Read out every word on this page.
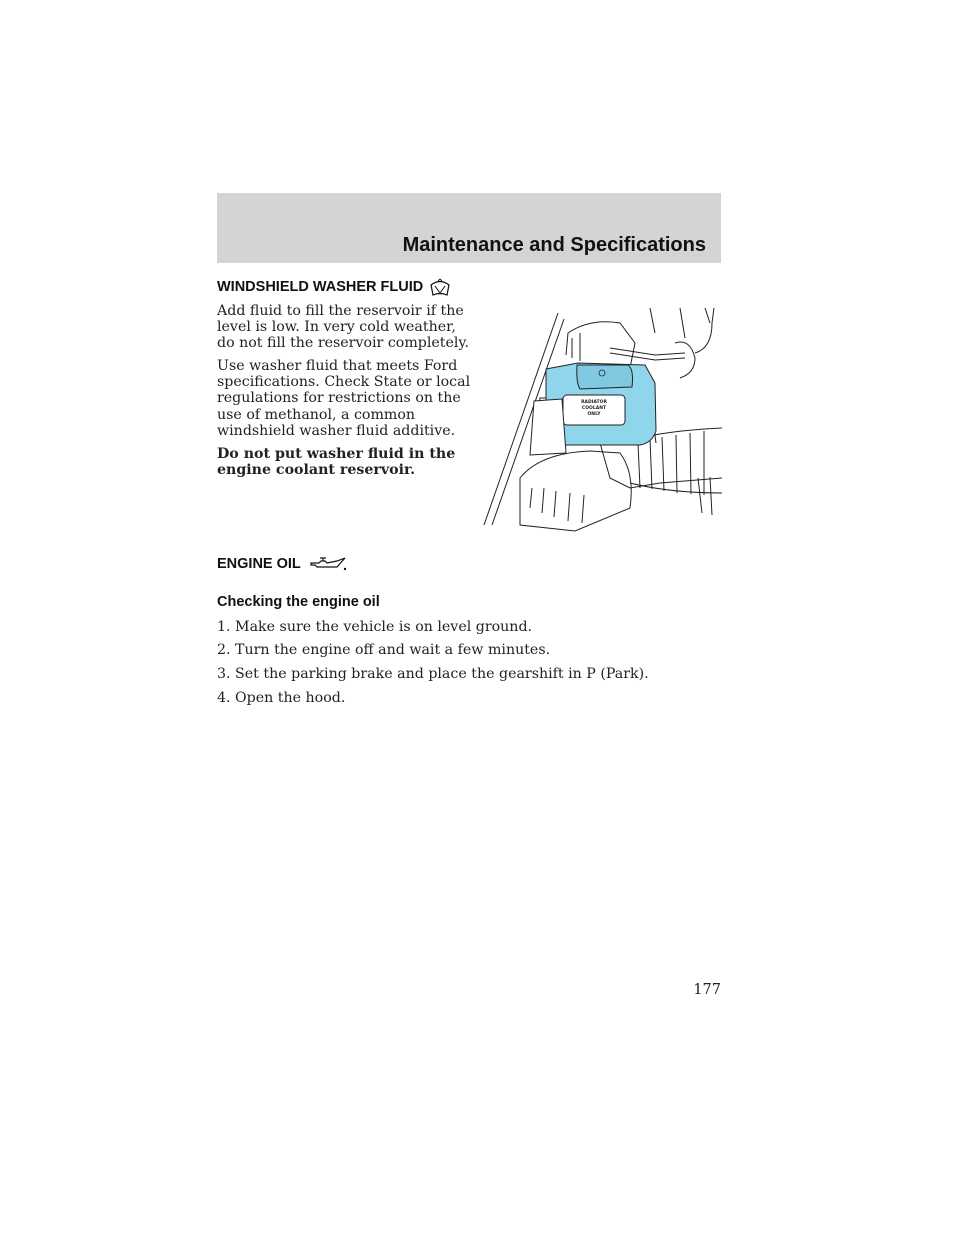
Maintenance and Specifications
WINDSHIELD WASHER FLUID

Add fluid to fill the reservoir if the level is low. In very cold weather, do not fill the reservoir completely.

Use washer fluid that meets Ford specifications. Check State or local regulations for restrictions on the use of methanol, a common windshield washer fluid additive.

Do not put washer fluid in the engine coolant reservoir.

RADIATOR
COOLANT
ONLY
ENGINE OIL
Checking the engine oil

1. Make sure the vehicle is on level ground.

2. Turn the engine off and wait a few minutes.

3. Set the parking brake and place the gearshift in P (Park).

4. Open the hood.

177
